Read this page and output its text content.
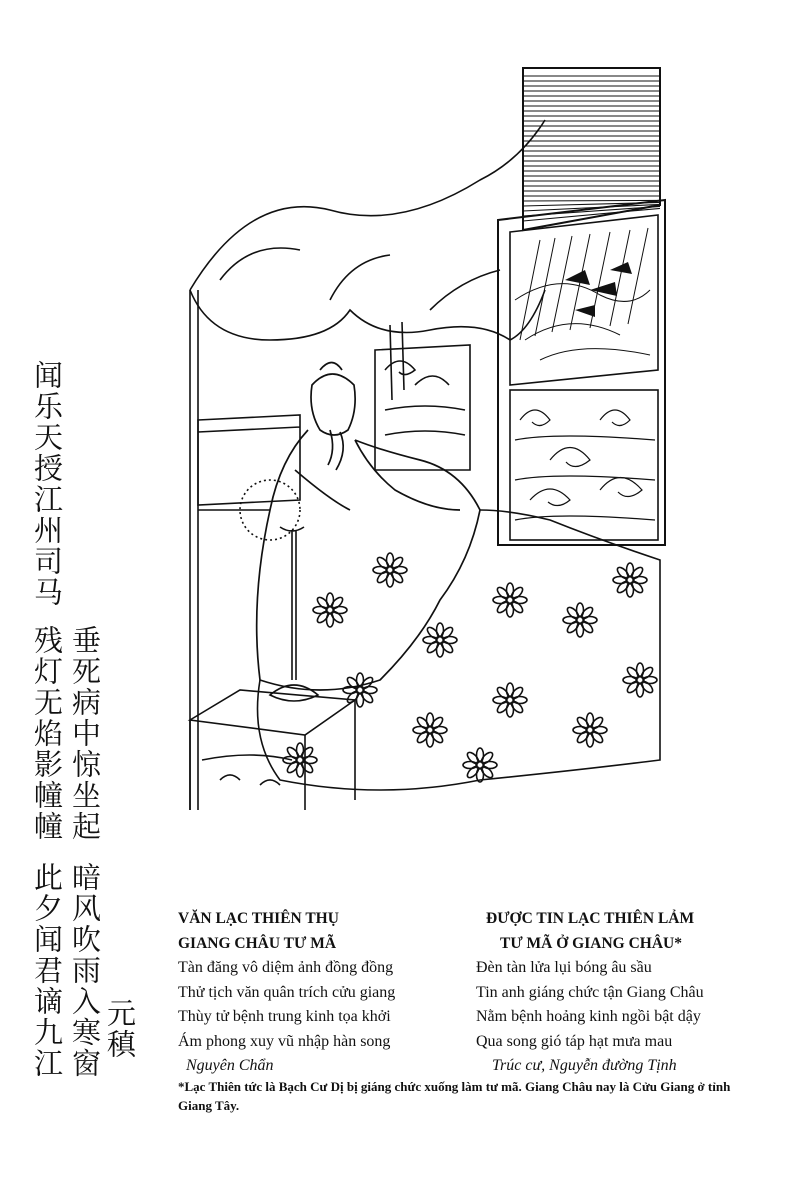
闻乐天授江州司马
垂死病中惊坐起
残灯无焰影幢幢
此夕闻君谪九江 暗风吹雨入寒窗 元稹
VĂN LẠC THIÊN THỤ
GIANG CHÂU TƯ MÃ
Tàn đăng vô diệm ảnh đồng đồng
Thử tịch văn quân trích cửu giang
Thùy tử bệnh trung kinh tọa khởi
Ám phong xuy vũ nhập hàn song
Nguyên Chẩn
ĐƯỢC TIN LẠC THIÊN LẢM
TƯ MÃ Ở GIANG CHÂU*
Đèn tàn lửa lụi bóng âu sầu
Tin anh giáng chức tận Giang Châu
Nằm bệnh hoảng kinh ngồi bật dậy
Qua song gió táp hạt mưa mau
Trúc cư, Nguyễn đường Tịnh
*Lạc Thiên tức là Bạch Cư Dị bị giáng chức xuống làm tư mã. Giang Châu nay là Cửu Giang ở tỉnh Giang Tây.
